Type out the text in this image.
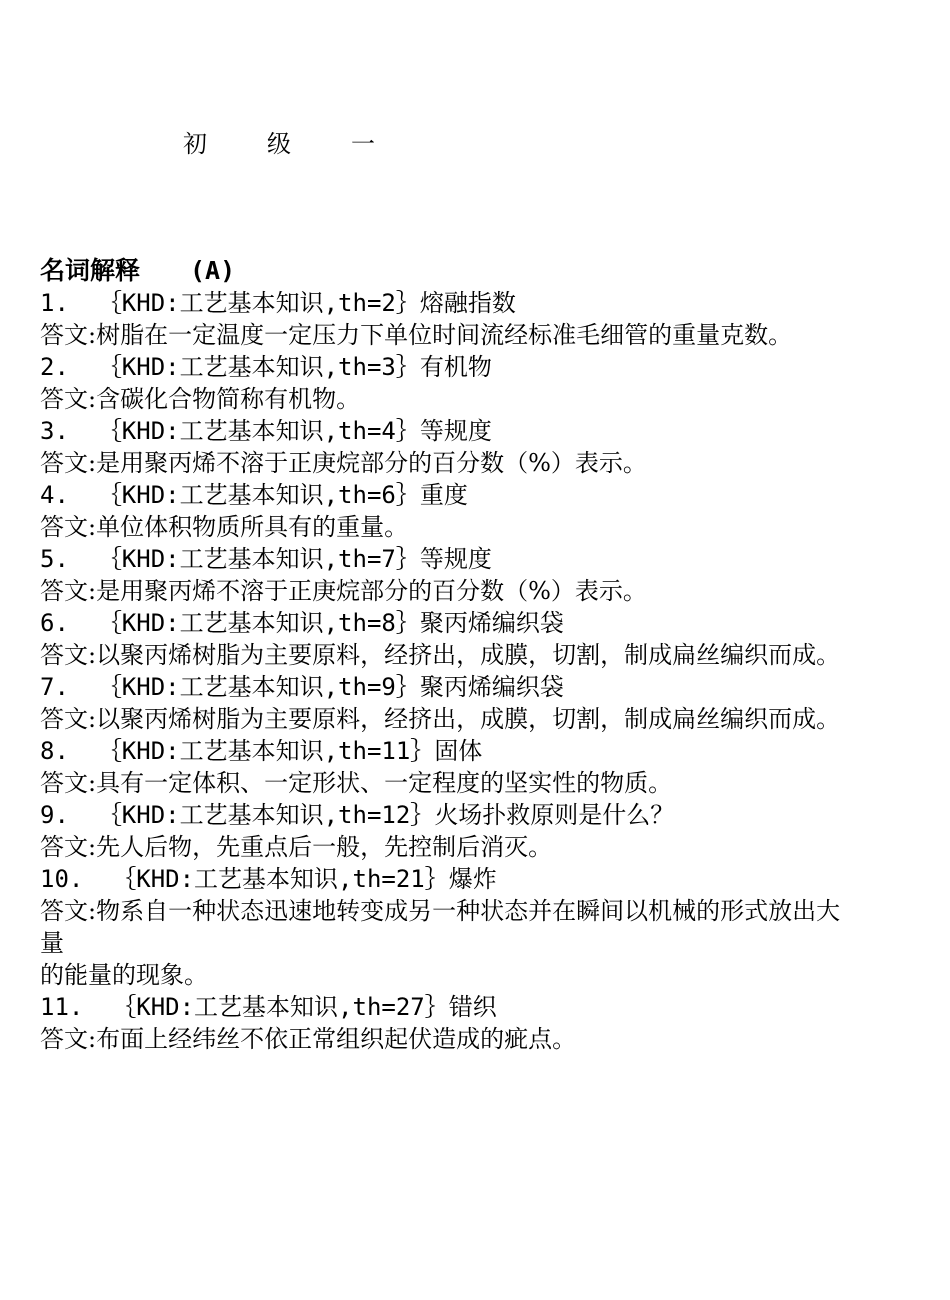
初　级　一
名词解释　　(A)
1. ｛KHD:工艺基本知识,th=2｝熔融指数
答文:树脂在一定温度一定压力下单位时间流经标准毛细管的重量克数。
2. ｛KHD:工艺基本知识,th=3｝有机物
答文:含碳化合物简称有机物。
3. ｛KHD:工艺基本知识,th=4｝等规度
答文:是用聚丙烯不溶于正庚烷部分的百分数（%）表示。
4. ｛KHD:工艺基本知识,th=6｝重度
答文:单位体积物质所具有的重量。
5. ｛KHD:工艺基本知识,th=7｝等规度
答文:是用聚丙烯不溶于正庚烷部分的百分数（%）表示。
6. ｛KHD:工艺基本知识,th=8｝聚丙烯编织袋
答文:以聚丙烯树脂为主要原料，经挤出，成膜，切割，制成扁丝编织而成。
7. ｛KHD:工艺基本知识,th=9｝聚丙烯编织袋
答文:以聚丙烯树脂为主要原料，经挤出，成膜，切割，制成扁丝编织而成。
8. ｛KHD:工艺基本知识,th=11｝固体
答文:具有一定体积、一定形状、一定程度的坚实性的物质。
9. ｛KHD:工艺基本知识,th=12｝火场扑救原则是什么？
答文:先人后物，先重点后一般，先控制后消灭。
10. ｛KHD:工艺基本知识,th=21｝爆炸
答文:物系自一种状态迅速地转变成另一种状态并在瞬间以机械的形式放出大量
的能量的现象。
11. ｛KHD:工艺基本知识,th=27｝错织
答文:布面上经纬丝不依正常组织起伏造成的疵点。
